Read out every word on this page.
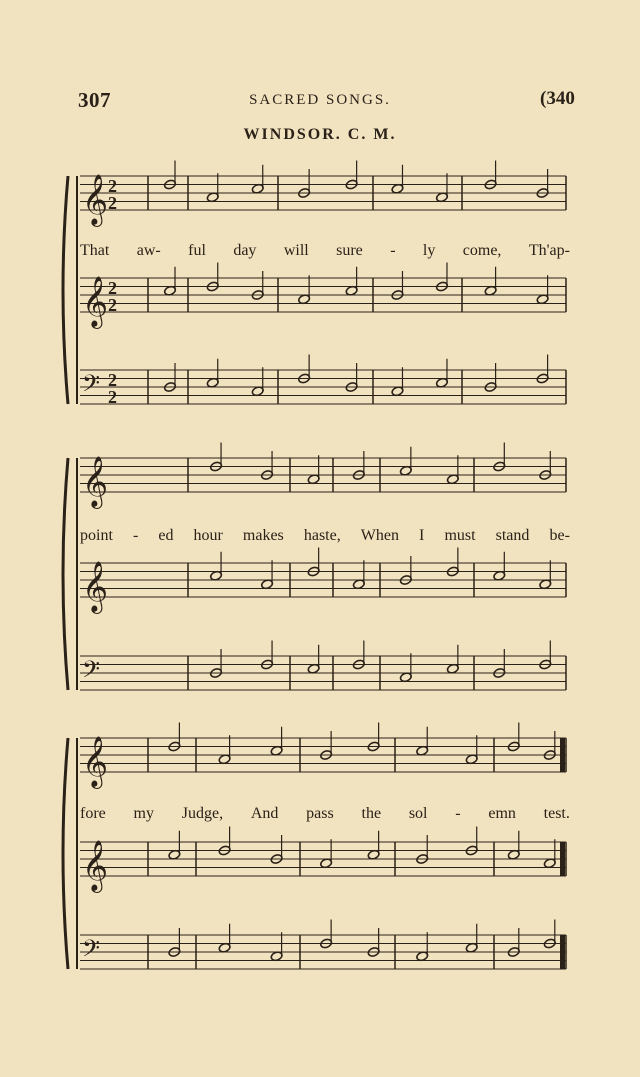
307	SACRED SONGS.	(340
WINDSOR. C. M.
That aw- ful day will sure - ly come, Th'ap-
point - ed hour makes haste, When I must stand be-
fore my Judge, And pass the sol - emn test.
𝄞 2
2
𝄞 2
2
𝄢 2
2
𝄞
𝄞
𝄢
𝄞
𝄞
𝄢
